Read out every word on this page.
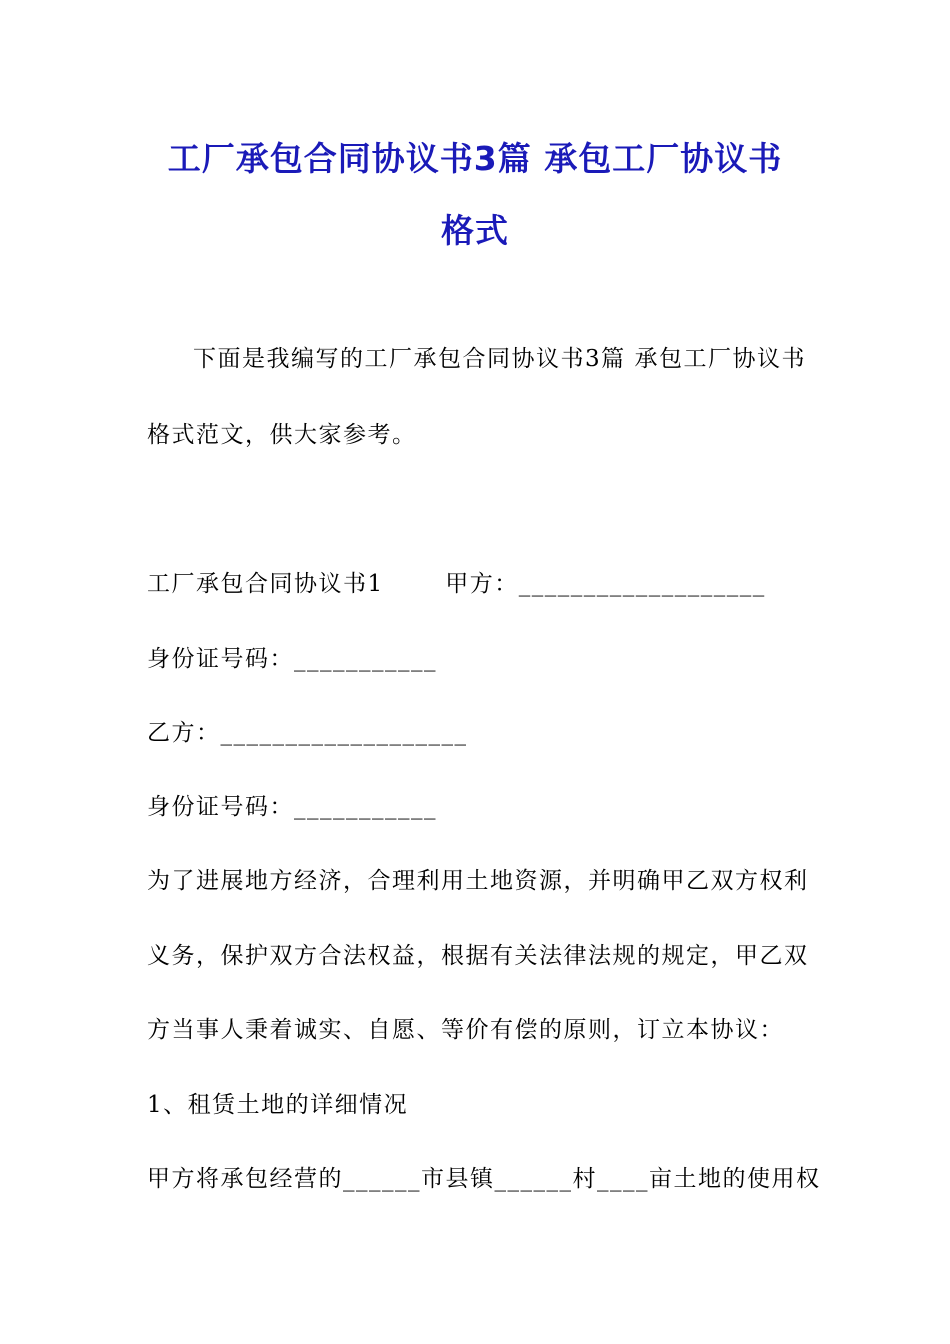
工厂承包合同协议书3篇 承包工厂协议书
格式

下面是我编写的工厂承包合同协议书3篇 承包工厂协议书

格式范文，供大家参考。

工厂承包合同协议书1       甲方：___________________

身份证号码：___________

乙方：___________________

身份证号码：___________

为了进展地方经济，合理利用土地资源，并明确甲乙双方权利

义务，保护双方合法权益，根据有关法律法规的规定，甲乙双

方当事人秉着诚实、自愿、等价有偿的原则，订立本协议：

1、租赁土地的详细情况

甲方将承包经营的______市县镇______村____亩土地的使用权
